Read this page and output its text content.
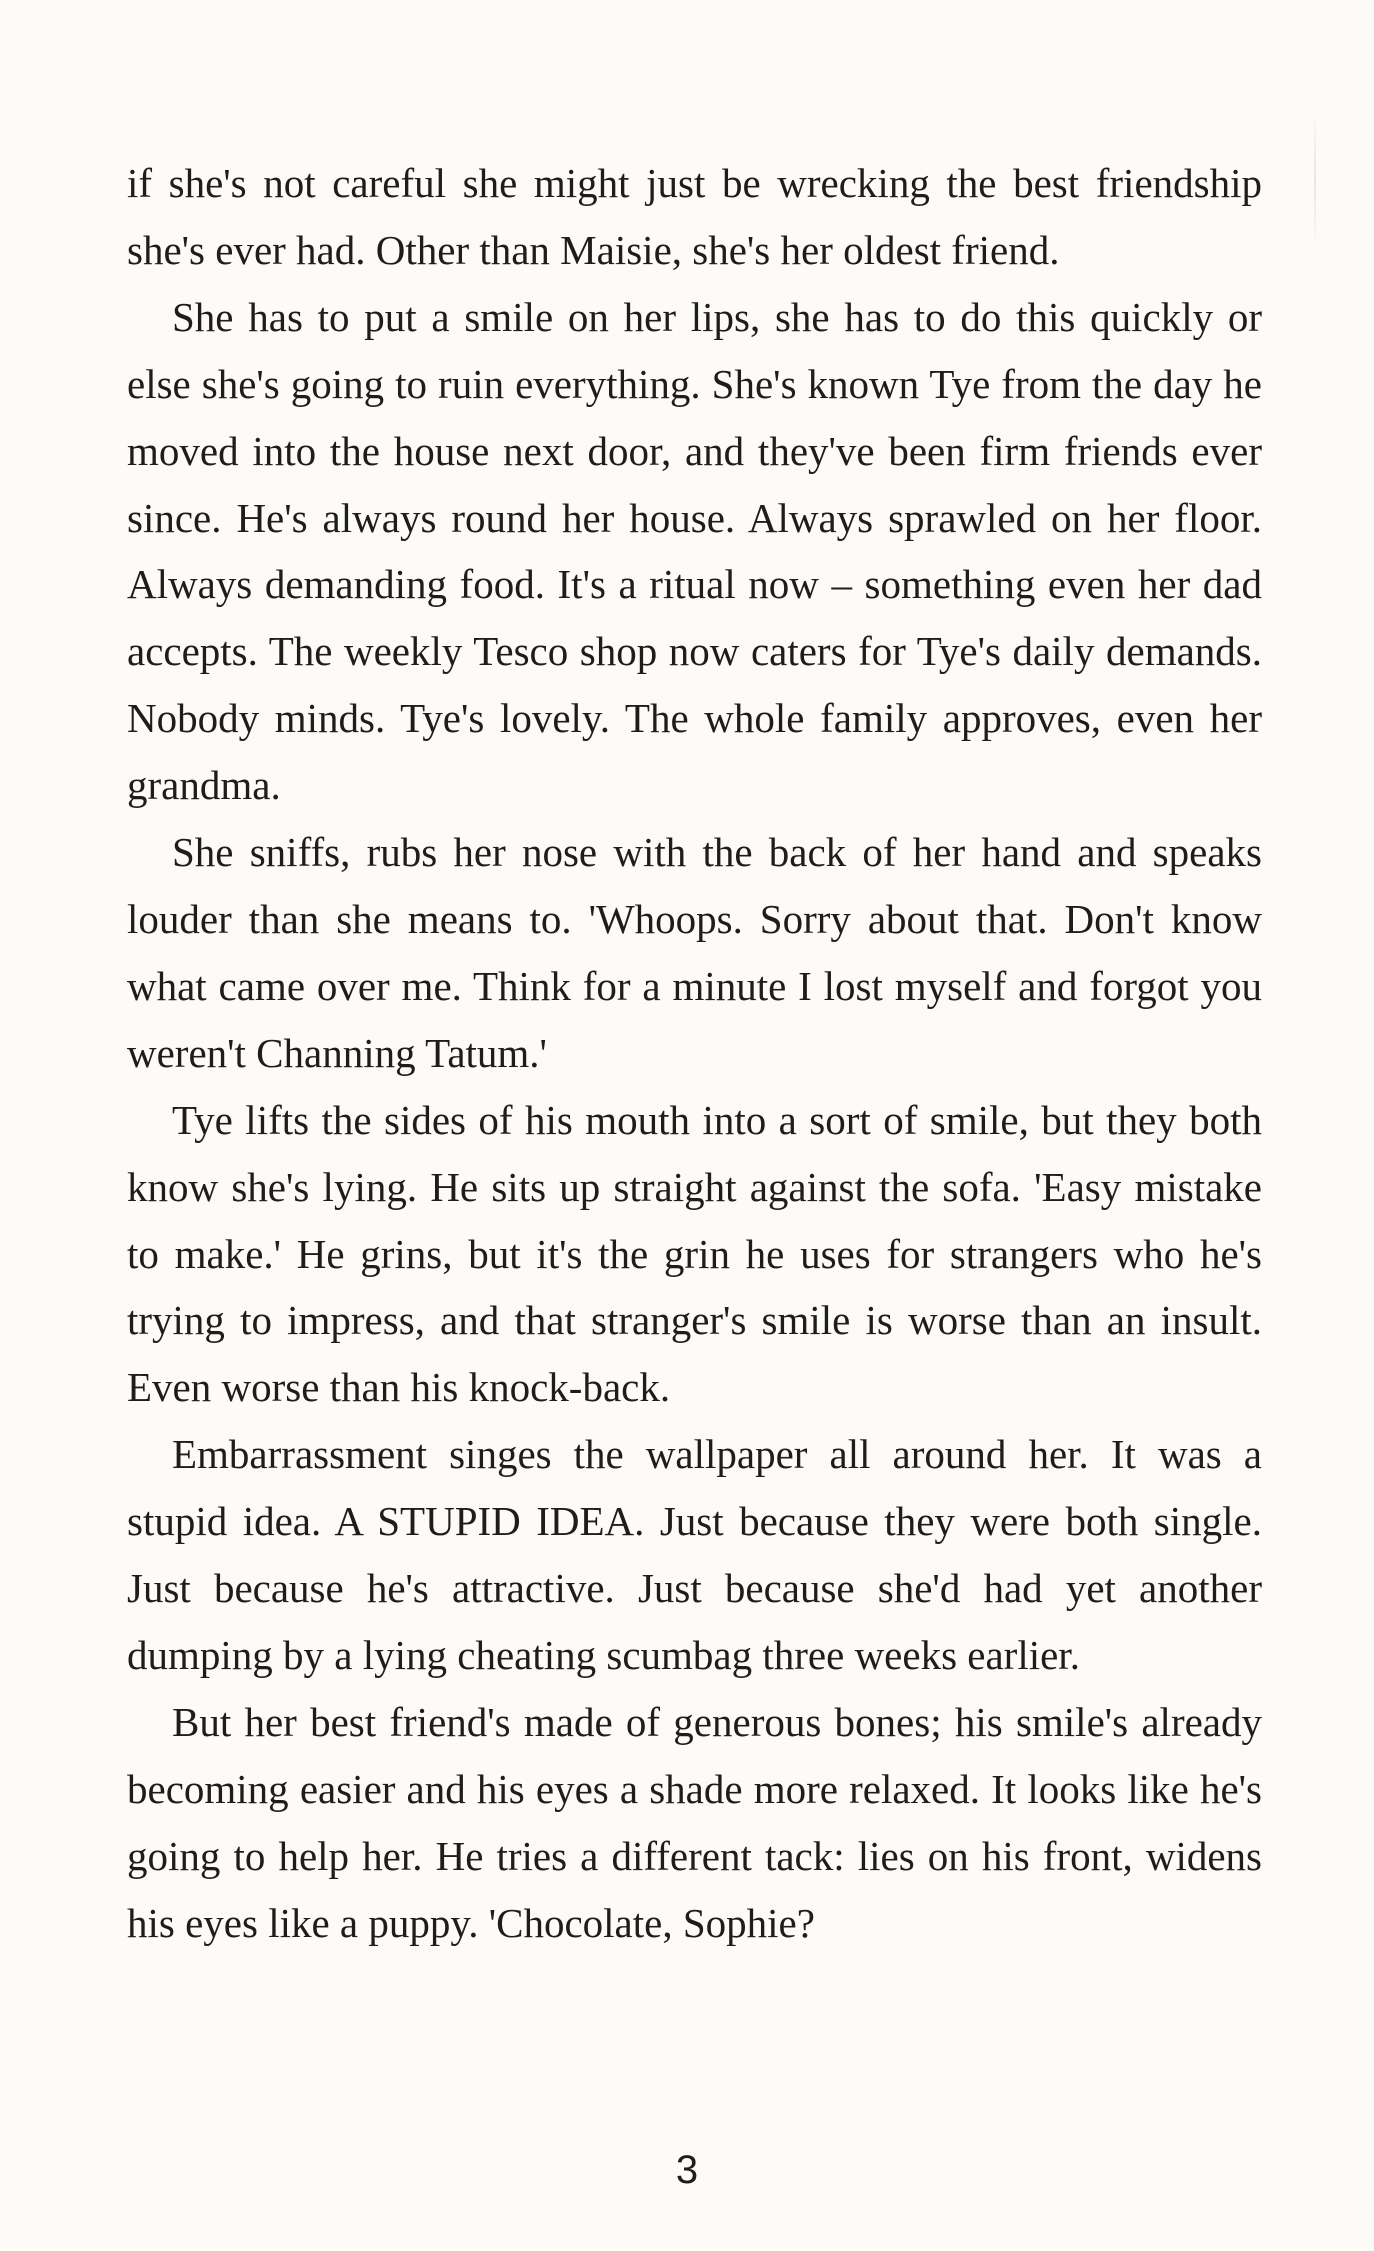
if she's not careful she might just be wrecking the best friendship she's ever had. Other than Maisie, she's her oldest friend.

She has to put a smile on her lips, she has to do this quickly or else she's going to ruin everything. She's known Tye from the day he moved into the house next door, and they've been firm friends ever since. He's always round her house. Always sprawled on her floor. Always demanding food. It's a ritual now – something even her dad accepts. The weekly Tesco shop now caters for Tye's daily demands. Nobody minds. Tye's lovely. The whole family approves, even her grandma.

She sniffs, rubs her nose with the back of her hand and speaks louder than she means to. 'Whoops. Sorry about that. Don't know what came over me. Think for a minute I lost myself and forgot you weren't Channing Tatum.'

Tye lifts the sides of his mouth into a sort of smile, but they both know she's lying. He sits up straight against the sofa. 'Easy mistake to make.' He grins, but it's the grin he uses for strangers who he's trying to impress, and that stranger's smile is worse than an insult. Even worse than his knock-back.

Embarrassment singes the wallpaper all around her. It was a stupid idea. A STUPID IDEA. Just because they were both single. Just because he's attractive. Just because she'd had yet another dumping by a lying cheating scumbag three weeks earlier.

But her best friend's made of generous bones; his smile's already becoming easier and his eyes a shade more relaxed. It looks like he's going to help her. He tries a different tack: lies on his front, widens his eyes like a puppy. 'Chocolate, Sophie?

3
